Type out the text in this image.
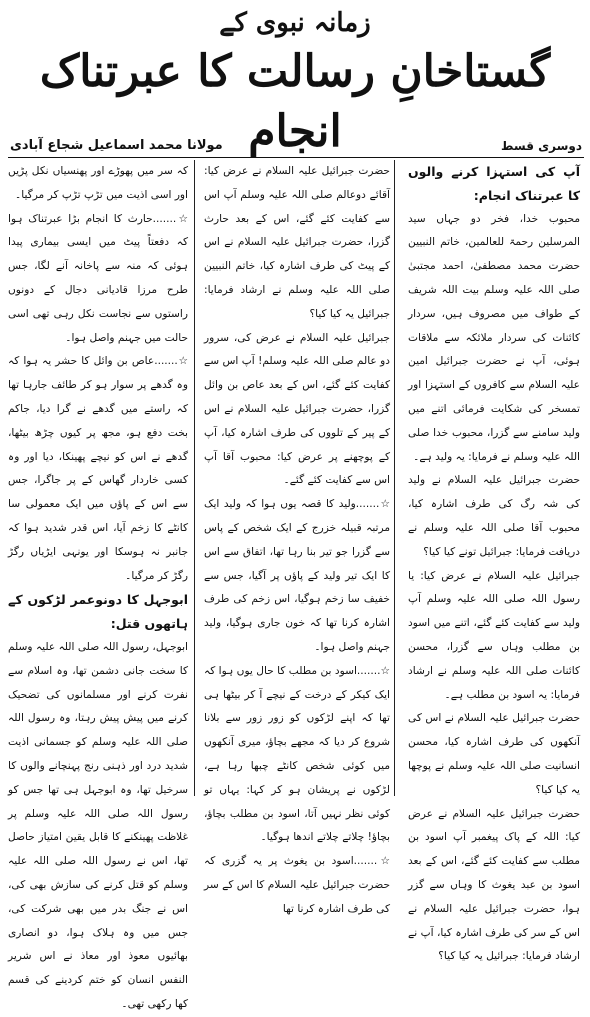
زمانہ نبوی کے
گستاخانِ رسالت کا عبرتناک انجام	دوسری قسط
مولانا محمد اسماعیل شجاع آبادی

آپ کی استہزا کرنے والوں کا عبرتناک انجام:

محبوب خدا، فخر دو جہاں سید المرسلین رحمۃ للعالمین، خاتم النبیین حضرت محمد مصطفیٰ، احمد مجتبیٰ صلی اللہ علیہ وسلم بیت اللہ شریف کے طواف میں مصروف ہیں، سردار کائنات کی سردار ملائکہ سے ملاقات ہوئی، آپ نے حضرت جبرائیل امین علیہ السلام سے کافروں کے استہزا اور تمسخر کی شکایت فرمائی اتنے میں ولید سامنے سے گزرا، محبوب خدا صلی اللہ علیہ وسلم نے فرمایا: یہ ولید ہے۔

حضرت جبرائیل علیہ السلام نے ولید کی شہ رگ کی طرف اشارہ کیا، محبوب آقا صلی اللہ علیہ وسلم نے دریافت فرمایا: جبرائیل تونے کیا کیا؟

جبرائیل علیہ السلام نے عرض کیا: یا رسول اللہ صلی اللہ علیہ وسلم آپ ولید سے کفایت کئے گئے، اتنے میں اسود بن مطلب وہاں سے گزرا، محسن کائنات صلی اللہ علیہ وسلم نے ارشاد فرمایا: یہ اسود بن مطلب ہے۔

حضرت جبرائیل علیہ السلام نے اس کی آنکھوں کی طرف اشارہ کیا، محسن انسانیت صلی اللہ علیہ وسلم نے پوچھا یہ کیا کیا؟

حضرت جبرائیل علیہ السلام نے عرض کیا: اللہ کے پاک پیغمبر آپ اسود بن مطلب سے کفایت کئے گئے، اس کے بعد اسود بن عبد یغوث کا وہاں سے گزر ہوا، حضرت جبرائیل علیہ السلام نے اس کے سر کی طرف اشارہ کیا، آپ نے ارشاد فرمایا: جبرائیل یہ کیا کیا؟

حضرت جبرائیل علیہ السلام نے عرض کیا: آقائے دوعالم صلی اللہ علیہ وسلم آپ اس سے کفایت کئے گئے، اس کے بعد حارث گزرا، حضرت جبرائیل علیہ السلام نے اس کے پیٹ کی طرف اشارہ کیا، خاتم النبیین صلی اللہ علیہ وسلم نے ارشاد فرمایا: جبرائیل یہ کیا کیا؟

جبرائیل علیہ السلام نے عرض کی، سرور دو عالم صلی اللہ علیہ وسلم! آپ اس سے کفایت کئے گئے، اس کے بعد عاص بن وائل گزرا، حضرت جبرائیل علیہ السلام نے اس کے پیر کے تلووں کی طرف اشارہ کیا، آپ کے پوچھنے پر عرض کیا: محبوب آقا آپ اس سے کفایت کئے گئے۔

☆.......ولید کا قصہ یوں ہوا کہ ولید ایک مرتبہ قبیلہ خزرج کے ایک شخص کے پاس سے گزرا جو تیر بنا رہا تھا، اتفاق سے اس کا ایک تیر ولید کے پاؤں پر آگیا، جس سے خفیف سا زخم ہوگیا، اس زخم کی طرف اشارہ کرنا تھا کہ خون جاری ہوگیا، ولید جہنم واصل ہوا۔

☆.......اسود بن مطلب کا حال یوں ہوا کہ ایک کیکر کے درخت کے نیچے آ کر بیٹھا ہی تھا کہ اپنے لڑکوں کو زور زور سے بلانا شروع کر دیا کہ مجھے بچاؤ، میری آنکھوں میں کوئی شخص کانٹے چبھا رہا ہے، لڑکوں نے پریشان ہو کر کہا: یہاں تو کوئی نظر نہیں آتا، اسود بن مطلب بچاؤ، بچاؤ! چلاتے چلاتے اندھا ہوگیا۔

☆.......اسود بن یغوث پر یہ گزری کہ حضرت جبرائیل علیہ السلام کا اس کے سر کی طرف اشارہ کرنا تھا

کہ سر میں پھوڑے اور پھنسیاں نکل پڑیں اور اسی اذیت میں تڑپ تڑپ کر مرگیا۔

☆.......حارث کا انجام بڑا عبرتناک ہوا کہ دفعتاً پیٹ میں ایسی بیماری پیدا ہوئی کہ منہ سے پاخانہ آنے لگا، جس طرح مرزا قادیانی دجال کے دونوں راستوں سے نجاست نکل رہی تھی اسی حالت میں جہنم واصل ہوا۔

☆.......عاص بن وائل کا حشر یہ ہوا کہ وہ گدھے پر سوار ہو کر طائف جارہا تھا کہ راستے میں گدھے نے گرا دیا، جاکم بخت دفع ہو، مجھ پر کیوں چڑھ بیٹھا، گدھے نے اس کو نیچے پھینکا، دیا اور وہ کسی خاردار گھاس کے پر جاگرا، جس سے اس کے پاؤں میں ایک معمولی سا کانٹے کا زخم آیا، اس قدر شدید ہوا کہ جانبر نہ ہوسکا اور یونہی ایڑیاں رگڑ رگڑ کر مرگیا۔

ابوجہل کا دونوعمر لڑکوں کے ہاتھوں قتل:

ابوجہل، رسول اللہ صلی اللہ علیہ وسلم کا سخت جانی دشمن تھا، وہ اسلام سے نفرت کرنے اور مسلمانوں کی تضحیک کرنے میں پیش پیش رہتا، وہ رسول اللہ صلی اللہ علیہ وسلم کو جسمانی اذیت شدید درد اور ذہنی رنج پہنچانے والوں کا سرخیل تھا، وہ ابوجہل ہی تھا جس کو رسول اللہ صلی اللہ علیہ وسلم پر غلاظت پھینکنے کا قابل یقین امتیاز حاصل تھا، اس نے رسول اللہ صلی اللہ علیہ وسلم کو قتل کرنے کی سازش بھی کی، اس نے جنگ بدر میں بھی شرکت کی، جس میں وہ ہلاک ہوا، دو انصاری بھائیوں معوذ اور معاذ نے اس شریر النفس انسان کو ختم کردینے کی قسم کھا رکھی تھی۔
